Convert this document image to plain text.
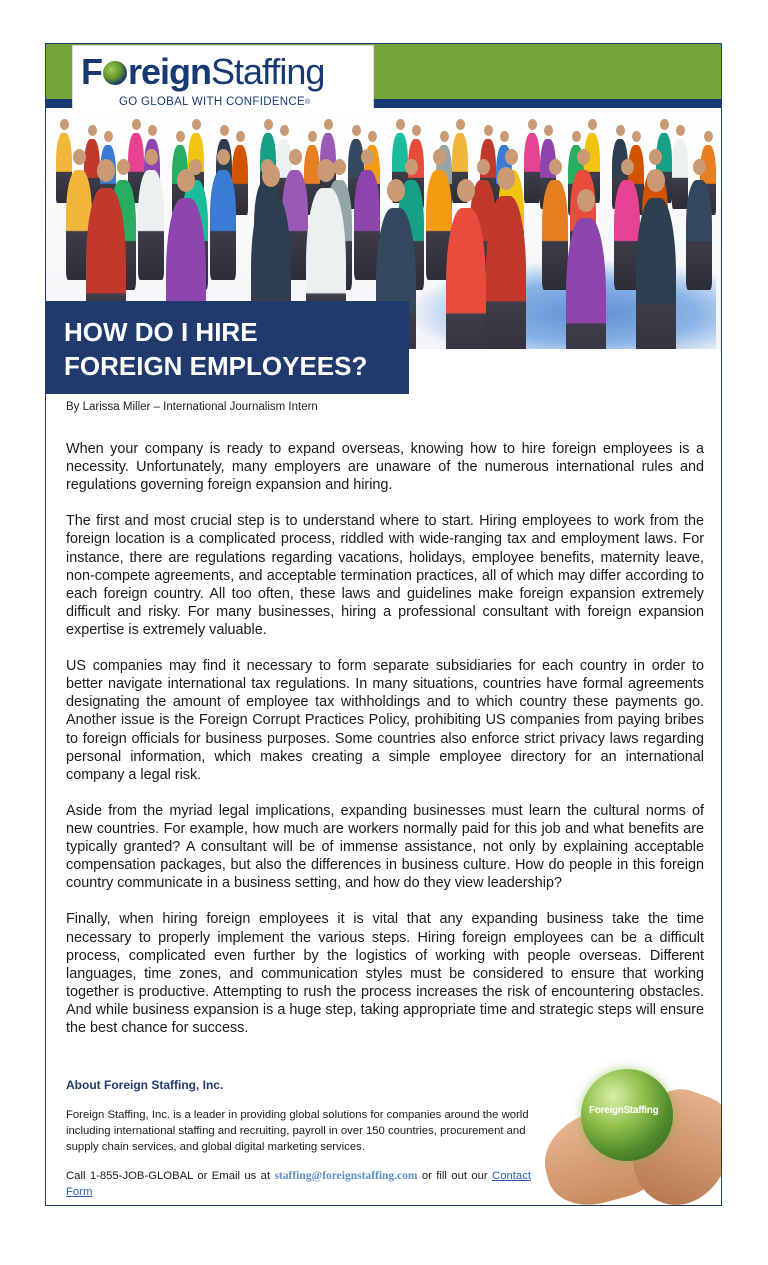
F reignStaffing
GO GLOBAL WITH CONFIDENCE®
HOW DO I HIRE
FOREIGN EMPLOYEES?
By Larissa Miller – International Journalism Intern

When your company is ready to expand overseas, knowing how to hire foreign employees is a necessity. Unfortunately, many employers are unaware of the numerous international rules and regulations governing foreign expansion and hiring.

The first and most crucial step is to understand where to start. Hiring employees to work from the foreign location is a complicated process, riddled with wide-ranging tax and employment laws. For instance, there are regulations regarding vacations, holidays, employee benefits, maternity leave, non-compete agreements, and acceptable termination practices, all of which may differ according to each foreign country. All too often, these laws and guidelines make foreign expansion extremely difficult and risky. For many businesses, hiring a professional consultant with foreign expansion expertise is extremely valuable.

US companies may find it necessary to form separate subsidiaries for each country in order to better navigate international tax regulations. In many situations, countries have formal agreements designating the amount of employee tax withholdings and to which country these payments go. Another issue is the Foreign Corrupt Practices Policy, prohibiting US companies from paying bribes to foreign officials for business purposes. Some countries also enforce strict privacy laws regarding personal information, which makes creating a simple employee directory for an international company a legal risk.

Aside from the myriad legal implications, expanding businesses must learn the cultural norms of new countries. For example, how much are workers normally paid for this job and what benefits are typically granted? A consultant will be of immense assistance, not only by explaining acceptable compensation packages, but also the differences in business culture. How do people in this foreign country communicate in a business setting, and how do they view leadership?

Finally, when hiring foreign employees it is vital that any expanding business take the time necessary to properly implement the various steps. Hiring foreign employees can be a difficult process, complicated even further by the logistics of working with people overseas. Different languages, time zones, and communication styles must be considered to ensure that working together is productive. Attempting to rush the process increases the risk of encountering obstacles. And while business expansion is a huge step, taking appropriate time and strategic steps will ensure the best chance for success.

About Foreign Staffing, Inc.
Foreign Staffing, Inc. is a leader in providing global solutions for companies around the world including international staffing and recruiting, payroll in over 150 countries, procurement and supply chain services, and global digital marketing services.
Call 1-855-JOB-GLOBAL or Email us at staffing@foreignstaffing.com or fill out our Contact Form
ForeignStaffing
